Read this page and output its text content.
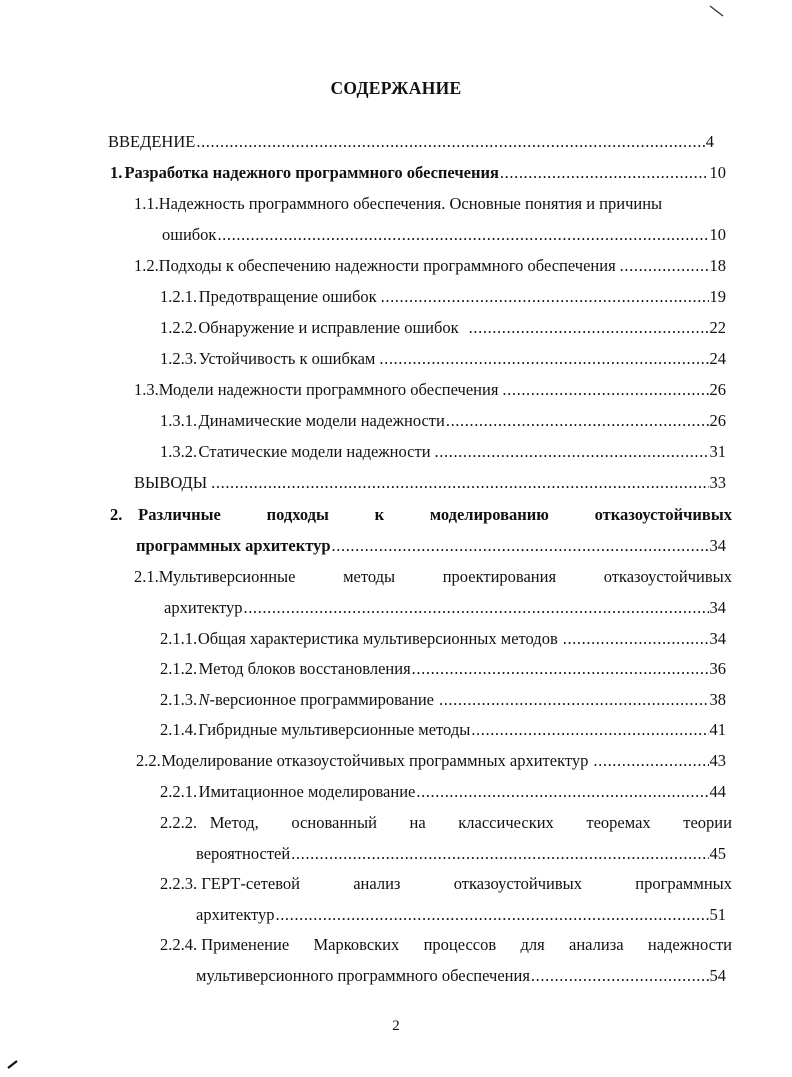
СОДЕРЖАНИЕ
ВВЕДЕНИЕ .....	4
1. Разработка надежного программного обеспечения .....	10
1.1. Надежность программного обеспечения. Основные понятия и причины
ошибок .....	10
1.2. Подходы к обеспечению надежности программного обеспечения .....	18
1.2.1. Предотвращение ошибок .....	19
1.2.2. Обнаружение и исправление ошибок .....	22
1.2.3. Устойчивость к ошибкам .....	24
1.3. Модели надежности программного обеспечения .....	26
1.3.1. Динамические модели надежности .....	26
1.3.2. Статические модели надежности .....	31
ВЫВОДЫ .....	33
2. Различные	подходы	к	моделированию	отказоустойчивых
программных архитектур .....	34
2.1.Мультиверсионные	методы	проектирования	отказоустойчивых
архитектур .....	34
2.1.1. Общая характеристика мультиверсионных методов .....	34
2.1.2. Метод блоков восстановления .....	36
2.1.3. N-версионное программирование .....	38
2.1.4. Гибридные мультиверсионные методы .....	41
2.2. Моделирование отказоустойчивых программных архитектур .....	43
2.2.1. Имитационное моделирование .....	44
2.2.2. Метод, основанный на классических теоремах теории
вероятностей .....	45
2.2.3. ГЕРТ-сетевой	анализ	отказоустойчивых	программных
архитектур .....	51
2.2.4. Применение Марковских процессов для анализа надежности
мультиверсионного программного обеспечения .....	54
2
